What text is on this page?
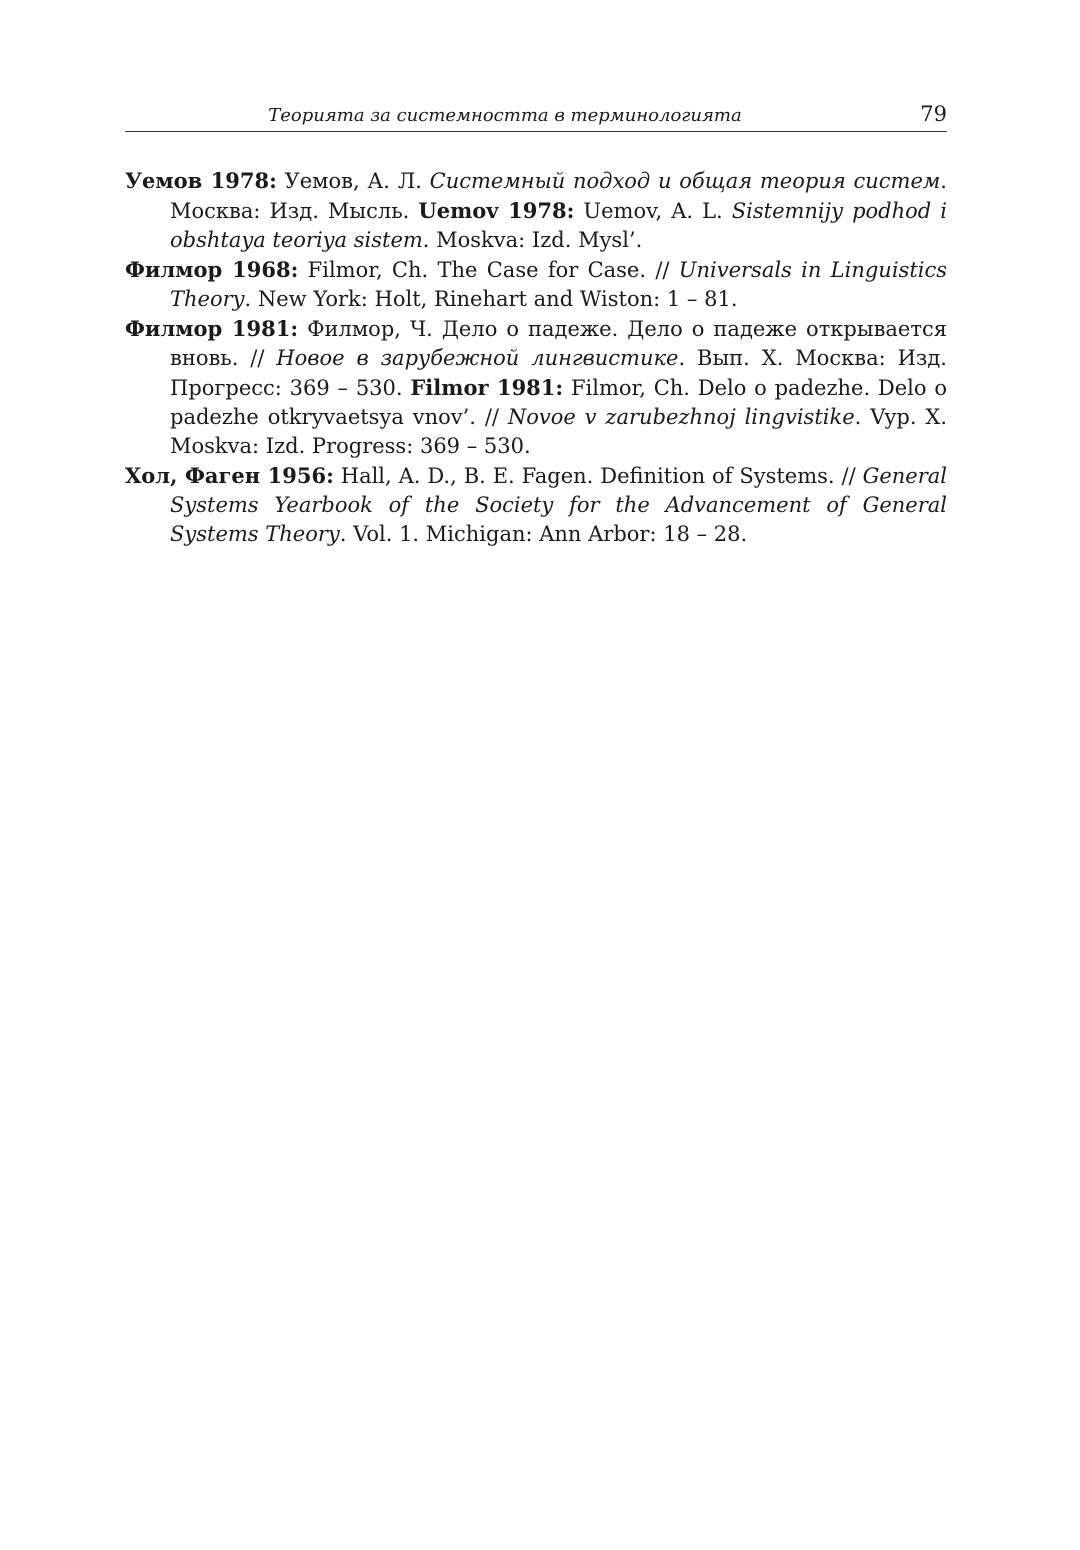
Теорията за системността в терминологията	79

Уемов 1978: Уемов, А. Л. Системный подход и общая теория систем. Москва: Изд. Мысль. Uemov 1978: Uemov, A. L. Sistemnijy podhod i obshtaya teoriya sistem. Moskva: Izd. Mysl’.

Филмор 1968: Filmor, Ch. The Case for Case. // Universals in Linguistics Theory. New York: Holt, Rinehart and Wiston: 1 – 81.

Филмор 1981: Филмор, Ч. Дело о падеже. Дело о падеже открывается вновь. // Новое в зарубежной лингвистике. Вып. X. Москва: Изд. Прогресс: 369 – 530. Filmor 1981: Filmor, Ch. Delo o padezhe. Delo o padezhe otkryvaetsya vnov’. // Novoe v zarubezhnoj lingvistike. Vyp. X. Moskva: Izd. Progress: 369 – 530.

Хол, Фаген 1956: Hall, A. D., B. E. Fagen. Definition of Systems. // General Systems Yearbook of the Society for the Advancement of General Systems Theory. Vol. 1. Michigan: Ann Arbor: 18 – 28.
